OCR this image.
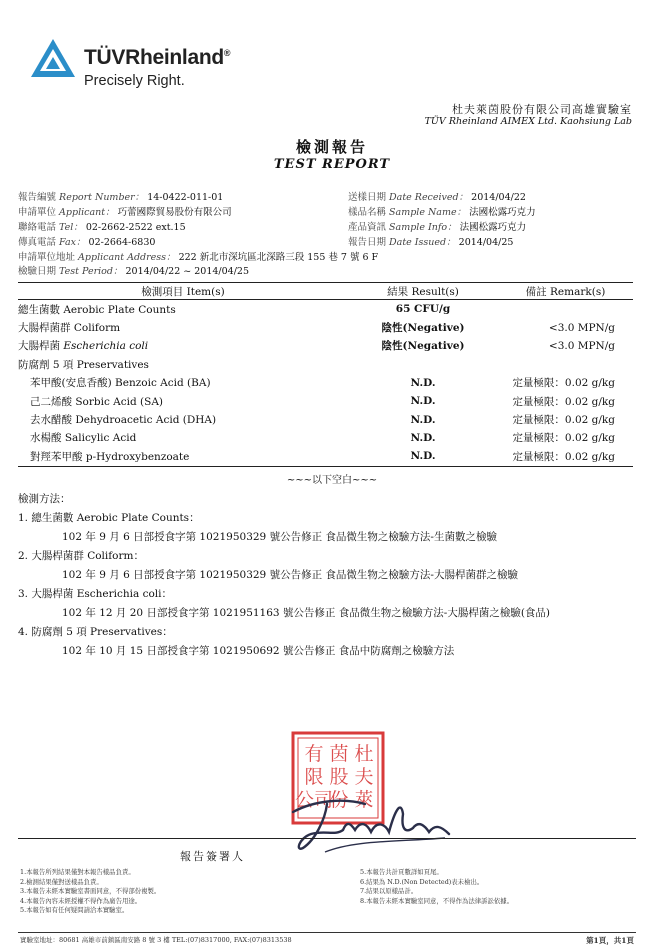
TÜVRheinland®
Precisely Right.
杜夫萊茵股份有限公司高雄實驗室
TÜV Rheinland AIMEX Ltd. Kaohsiung Lab
檢測報告
TEST REPORT
報告編號 Report Number： 14-0422-011-01
申請單位 Applicant： 巧蕾國際貿易股份有限公司
聯絡電話 Tel： 02-2662-2522 ext.15
傳真電話 Fax： 02-2664-6830
申請單位地址 Applicant Address： 222 新北市深坑區北深路三段 155 巷 7 號 6 F
檢驗日期 Test Period： 2014/04/22 ~ 2014/04/25
送樣日期 Date Received： 2014/04/22
樣品名稱 Sample Name： 法國松露巧克力
產品資訊 Sample Info： 法國松露巧克力
報告日期 Date Issued： 2014/04/25
檢測項目 Item(s)	結果 Result(s)	備註 Remark(s)
總生菌數 Aerobic Plate Counts	65 CFU/g	
大腸桿菌群 Coliform	陰性(Negative)	<3.0 MPN/g
大腸桿菌 Escherichia coli	陰性(Negative)	<3.0 MPN/g
防腐劑 5 項 Preservatives		
苯甲酸(安息香酸) Benzoic Acid (BA)	N.D.	定量極限：0.02 g/kg
己二烯酸 Sorbic Acid (SA)	N.D.	定量極限：0.02 g/kg
去水醋酸 Dehydroacetic Acid (DHA)	N.D.	定量極限：0.02 g/kg
水楊酸 Salicylic Acid	N.D.	定量極限：0.02 g/kg
對羥苯甲酸 p-Hydroxybenzoate	N.D.	定量極限：0.02 g/kg
~~~以下空白~~~
檢測方法：
1. 總生菌數 Aerobic Plate Counts：
102 年 9 月 6 日部授食字第 1021950329 號公告修正 食品微生物之檢驗方法-生菌數之檢驗
2. 大腸桿菌群 Coliform：
102 年 9 月 6 日部授食字第 1021950329 號公告修正 食品微生物之檢驗方法-大腸桿菌群之檢驗
3. 大腸桿菌 Escherichia coli：
102 年 12 月 20 日部授食字第 1021951163 號公告修正 食品微生物之檢驗方法-大腸桿菌之檢驗(食品)
4. 防腐劑 5 項 Preservatives：
102 年 10 月 15 日部授食字第 1021950692 號公告修正 食品中防腐劑之檢驗方法
杜
夫
萊
茵
股
份
有
限
公司
報告簽署人
1.本報告所列結果僅對本報告樣品負責。
2.檢測結果僅對送樣品負責。
3.本報告未經本實驗室書面同意，不得部份複製。
4.本報告內容未經授權不得作為廣告用途。
5.本報告如有任何疑問請洽本實驗室。
5.本報告共計頁數詳如頁尾。
6.結果為 N.D.(Non Detected)表未檢出。
7.結果以原樣品計。
8.本報告未經本實驗室同意，不得作為法律訴訟依據。
實驗室地址：80681 高雄市前鎮區南安路 8 號 3 樓 TEL:(07)8317000, FAX:(07)8313538	第1頁，共1頁
